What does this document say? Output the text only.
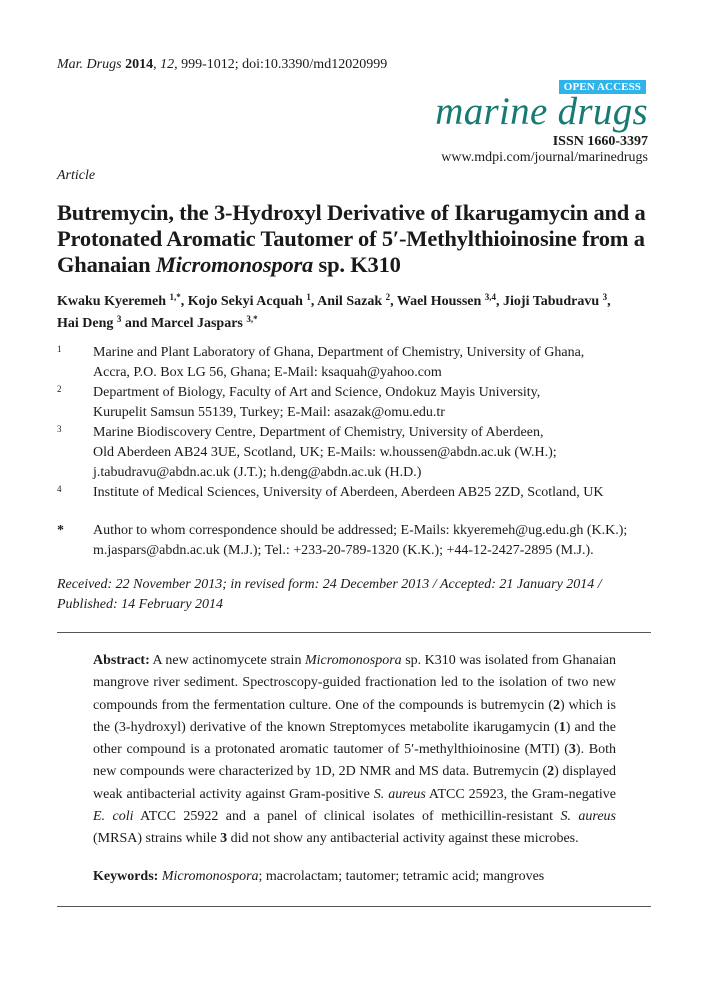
Mar. Drugs 2014, 12, 999-1012; doi:10.3390/md12020999
OPEN ACCESS
marine drugs
ISSN 1660-3397
www.mdpi.com/journal/marinedrugs
Article
Butremycin, the 3-Hydroxyl Derivative of Ikarugamycin and a Protonated Aromatic Tautomer of 5′-Methylthioinosine from a Ghanaian Micromonospora sp. K310
Kwaku Kyeremeh $^{1,*}$, Kojo Sekyi Acquah $^1$, Anil Sazak $^2$, Wael Houssen $^{3,4}$, Jioji Tabudravu $^3$,
Hai Deng $^3$ and Marcel Jaspars $^{3,*}$
1 Marine and Plant Laboratory of Ghana, Department of Chemistry, University of Ghana,
Accra, P.O. Box LG 56, Ghana; E-Mail: ksaquah@yahoo.com
2 Department of Biology, Faculty of Art and Science, Ondokuz Mayis University,
Kurupelit Samsun 55139, Turkey; E-Mail: asazak@omu.edu.tr
3 Marine Biodiscovery Centre, Department of Chemistry, University of Aberdeen,
Old Aberdeen AB24 3UE, Scotland, UK; E-Mails: w.houssen@abdn.ac.uk (W.H.);
j.tabudravu@abdn.ac.uk (J.T.); h.deng@abdn.ac.uk (H.D.)
4 Institute of Medical Sciences, University of Aberdeen, Aberdeen AB25 2ZD, Scotland, UK
* Author to whom correspondence should be addressed; E-Mails: kkyeremeh@ug.edu.gh (K.K.);
m.jaspars@abdn.ac.uk (M.J.); Tel.: +233-20-789-1320 (K.K.); +44-12-2427-2895 (M.J.).
Received: 22 November 2013; in revised form: 24 December 2013 / Accepted: 21 January 2014 /
Published: 14 February 2014
Abstract: A new actinomycete strain Micromonospora sp. K310 was isolated from Ghanaian mangrove river sediment. Spectroscopy-guided fractionation led to the isolation of two new compounds from the fermentation culture. One of the compounds is butremycin (2) which is the (3-hydroxyl) derivative of the known Streptomyces metabolite ikarugamycin (1) and the other compound is a protonated aromatic tautomer of 5′-methylthioinosine (MTI) (3). Both new compounds were characterized by 1D, 2D NMR and MS data. Butremycin (2) displayed weak antibacterial activity against Gram-positive S. aureus ATCC 25923, the Gram-negative E. coli ATCC 25922 and a panel of clinical isolates of methicillin-resistant S. aureus (MRSA) strains while 3 did not show any antibacterial activity against these microbes.
Keywords: Micromonospora; macrolactam; tautomer; tetramic acid; mangroves
